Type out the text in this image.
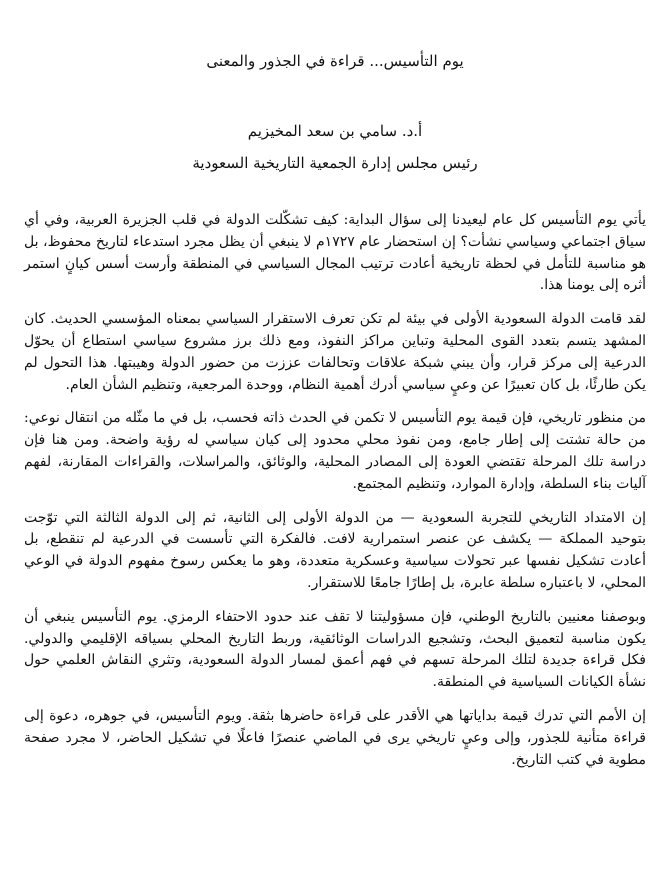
يوم التأسيس... قراءة في الجذور والمعنى

أ.د. سامي بن سعد المخيزيم

رئيس مجلس إدارة الجمعية التاريخية السعودية

يأتي يوم التأسيس كل عام ليعيدنا إلى سؤال البداية: كيف تشكّلت الدولة في قلب الجزيرة العربية، وفي أي سياق اجتماعي وسياسي نشأت؟ إن استحضار عام ١٧٢٧م لا ينبغي أن يظل مجرد استدعاء لتاريخ محفوظ، بل هو مناسبة للتأمل في لحظة تاريخية أعادت ترتيب المجال السياسي في المنطقة وأرست أسس كيانٍ استمر أثره إلى يومنا هذا.

لقد قامت الدولة السعودية الأولى في بيئة لم تكن تعرف الاستقرار السياسي بمعناه المؤسسي الحديث. كان المشهد يتسم بتعدد القوى المحلية وتباين مراكز النفوذ، ومع ذلك برز مشروع سياسي استطاع أن يحوّل الدرعية إلى مركز قرار، وأن يبني شبكة علاقات وتحالفات عززت من حضور الدولة وهيبتها. هذا التحول لم يكن طارئًا، بل كان تعبيرًا عن وعيٍ سياسي أدرك أهمية النظام، ووحدة المرجعية، وتنظيم الشأن العام.

من منظور تاريخي، فإن قيمة يوم التأسيس لا تكمن في الحدث ذاته فحسب، بل في ما مثّله من انتقال نوعي: من حالة تشتت إلى إطار جامع، ومن نفوذ محلي محدود إلى كيان سياسي له رؤية واضحة. ومن هنا فإن دراسة تلك المرحلة تقتضي العودة إلى المصادر المحلية، والوثائق، والمراسلات، والقراءات المقارنة، لفهم آليات بناء السلطة، وإدارة الموارد، وتنظيم المجتمع.

إن الامتداد التاريخي للتجربة السعودية — من الدولة الأولى إلى الثانية، ثم إلى الدولة الثالثة التي توّجت بتوحيد المملكة — يكشف عن عنصر استمرارية لافت. فالفكرة التي تأسست في الدرعية لم تنقطع، بل أعادت تشكيل نفسها عبر تحولات سياسية وعسكرية متعددة، وهو ما يعكس رسوخ مفهوم الدولة في الوعي المحلي، لا باعتباره سلطة عابرة، بل إطارًا جامعًا للاستقرار.

وبوصفنا معنيين بالتاريخ الوطني، فإن مسؤوليتنا لا تقف عند حدود الاحتفاء الرمزي. يوم التأسيس ينبغي أن يكون مناسبة لتعميق البحث، وتشجيع الدراسات الوثائقية، وربط التاريخ المحلي بسياقه الإقليمي والدولي. فكل قراءة جديدة لتلك المرحلة تسهم في فهم أعمق لمسار الدولة السعودية، وتثري النقاش العلمي حول نشأة الكيانات السياسية في المنطقة.

إن الأمم التي تدرك قيمة بداياتها هي الأقدر على قراءة حاضرها بثقة. ويوم التأسيس، في جوهره، دعوة إلى قراءة متأنية للجذور، وإلى وعيٍ تاريخي يرى في الماضي عنصرًا فاعلًا في تشكيل الحاضر، لا مجرد صفحة مطوية في كتب التاريخ.
